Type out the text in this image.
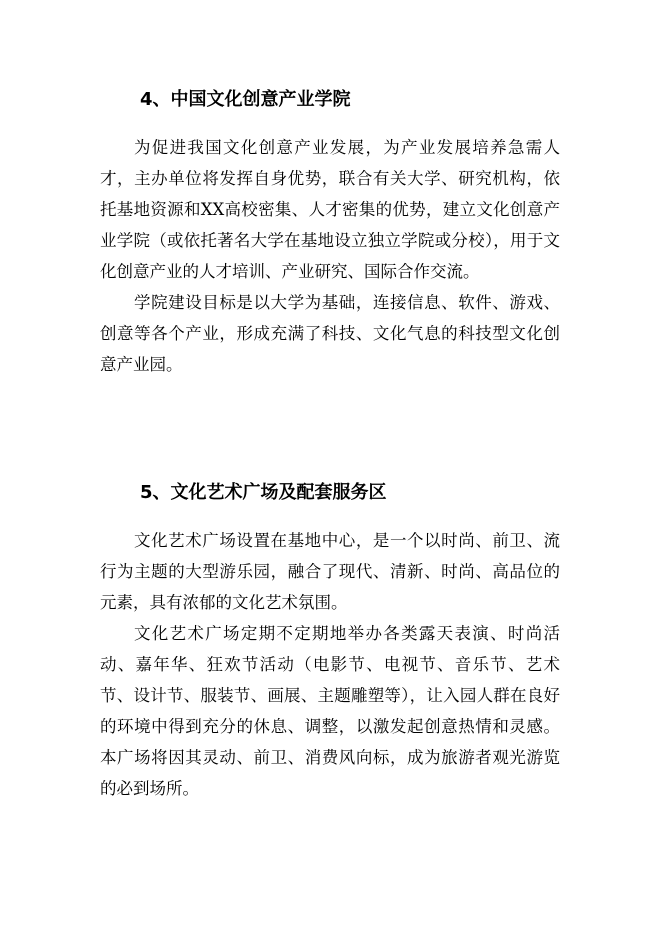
4、中国文化创意产业学院

为促进我国文化创意产业发展，为产业发展培养急需人才，主办单位将发挥自身优势，联合有关大学、研究机构，依托基地资源和XX高校密集、人才密集的优势，建立文化创意产业学院（或依托著名大学在基地设立独立学院或分校），用于文化创意产业的人才培训、产业研究、国际合作交流。

学院建设目标是以大学为基础，连接信息、软件、游戏、创意等各个产业，形成充满了科技、文化气息的科技型文化创意产业园。

5、文化艺术广场及配套服务区

文化艺术广场设置在基地中心，是一个以时尚、前卫、流行为主题的大型游乐园，融合了现代、清新、时尚、高品位的元素，具有浓郁的文化艺术氛围。

文化艺术广场定期不定期地举办各类露天表演、时尚活动、嘉年华、狂欢节活动（电影节、电视节、音乐节、艺术节、设计节、服装节、画展、主题雕塑等），让入园人群在良好的环境中得到充分的休息、调整，以激发起创意热情和灵感。本广场将因其灵动、前卫、消费风向标，成为旅游者观光游览的必到场所。
